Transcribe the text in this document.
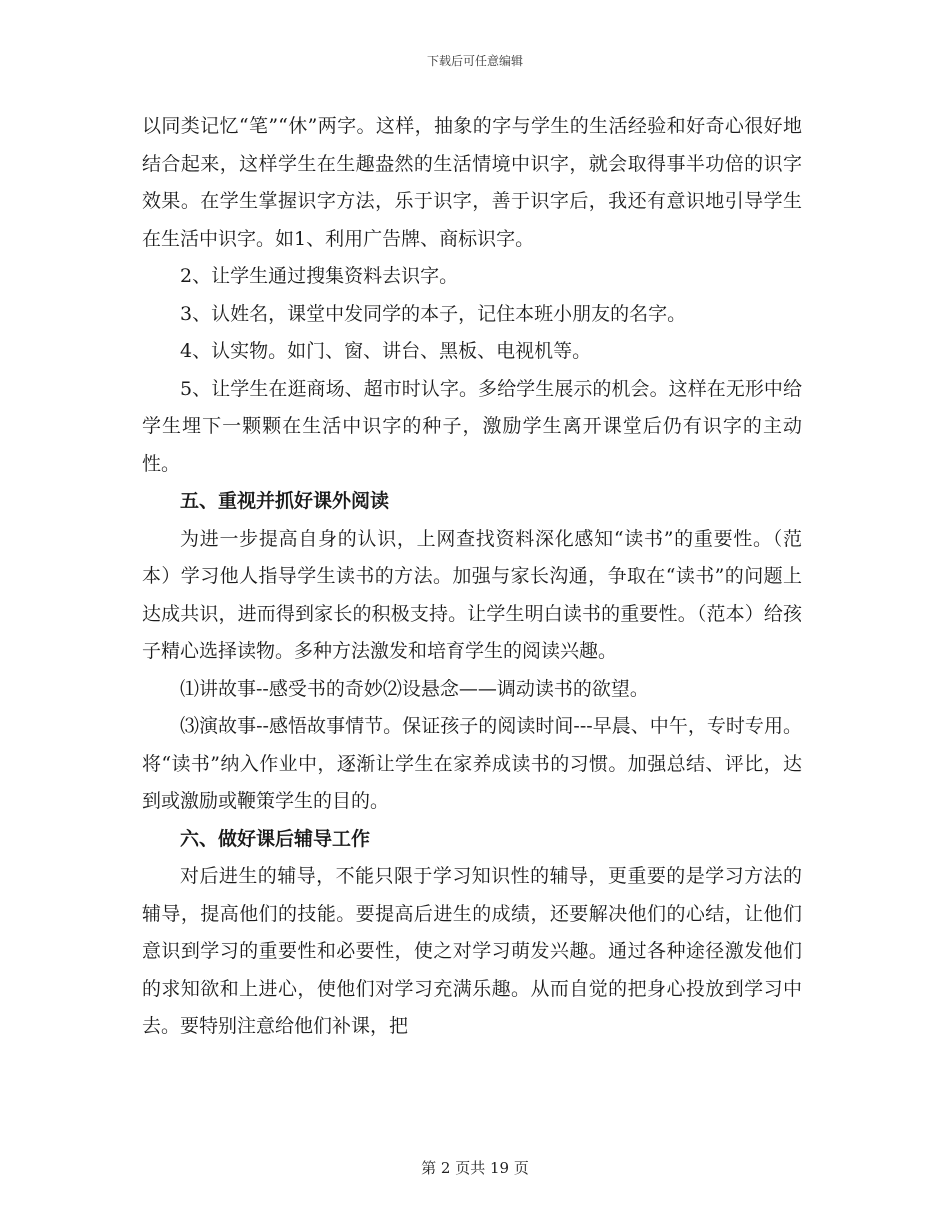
下载后可任意编辑

以同类记忆“笔”“休”两字。这样，抽象的字与学生的生活经验和好奇心很好地结合起来，这样学生在生趣盎然的生活情境中识字，就会取得事半功倍的识字效果。在学生掌握识字方法，乐于识字，善于识字后，我还有意识地引导学生在生活中识字。如1、利用广告牌、商标识字。

2、让学生通过搜集资料去识字。

3、认姓名，课堂中发同学的本子，记住本班小朋友的名字。

4、认实物。如门、窗、讲台、黑板、电视机等。

5、让学生在逛商场、超市时认字。多给学生展示的机会。这样在无形中给学生埋下一颗颗在生活中识字的种子，激励学生离开课堂后仍有识字的主动性。

五、重视并抓好课外阅读

为进一步提高自身的认识，上网查找资料深化感知“读书”的重要性。（范本）学习他人指导学生读书的方法。加强与家长沟通，争取在“读书”的问题上达成共识，进而得到家长的积极支持。让学生明白读书的重要性。（范本）给孩子精心选择读物。多种方法激发和培育学生的阅读兴趣。

⑴讲故事--感受书的奇妙⑵设悬念——调动读书的欲望。

⑶演故事--感悟故事情节。保证孩子的阅读时间---早晨、中午，专时专用。将“读书”纳入作业中，逐渐让学生在家养成读书的习惯。加强总结、评比，达到或激励或鞭策学生的目的。

六、做好课后辅导工作

对后进生的辅导，不能只限于学习知识性的辅导，更重要的是学习方法的辅导，提高他们的技能。要提高后进生的成绩，还要解决他们的心结，让他们意识到学习的重要性和必要性，使之对学习萌发兴趣。通过各种途径激发他们的求知欲和上进心，使他们对学习充满乐趣。从而自觉的把身心投放到学习中去。要特别注意给他们补课，把

第 2 页共 19 页
